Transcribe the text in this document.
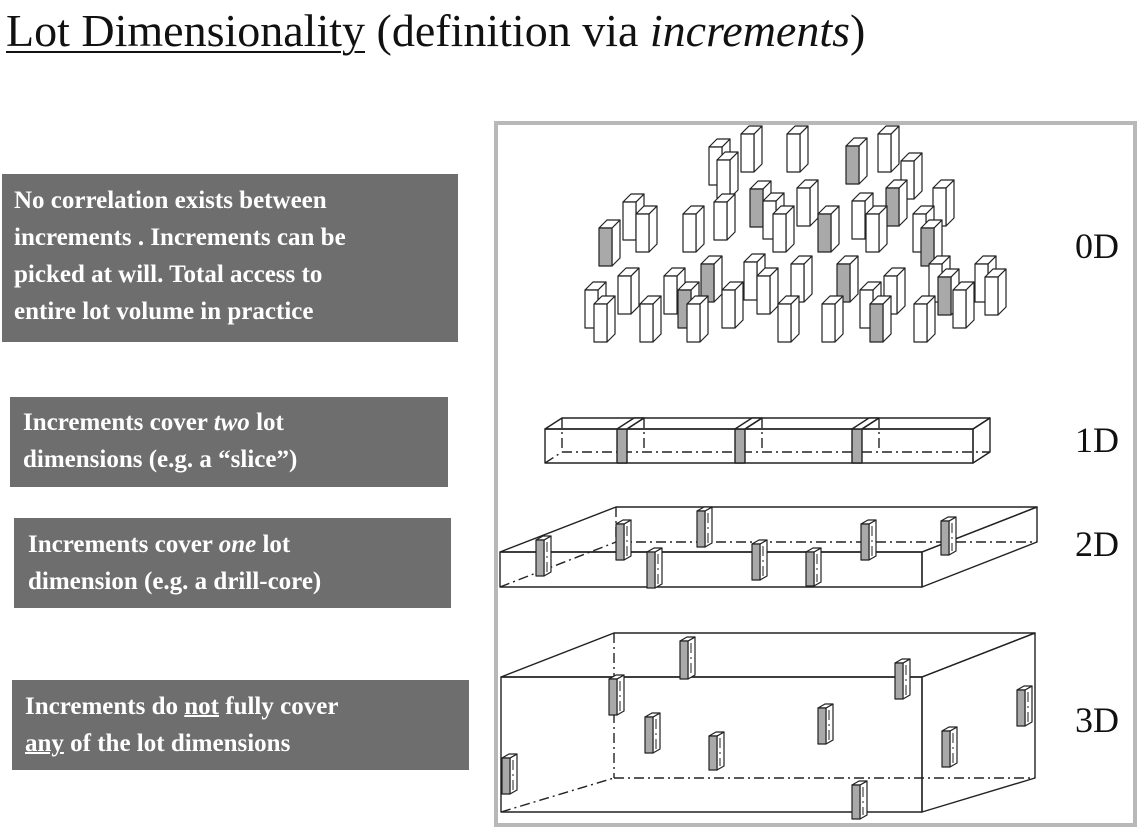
Lot Dimensionality (definition via increments)
No correlation exists between
increments . Increments can be
picked at will. Total access to
entire lot volume in practice
Increments cover two lot
dimensions (e.g. a “slice”)
Increments cover one lot
dimension (e.g. a drill-core)
Increments do not fully cover
any of the lot dimensions
0D
1D
2D
3D
